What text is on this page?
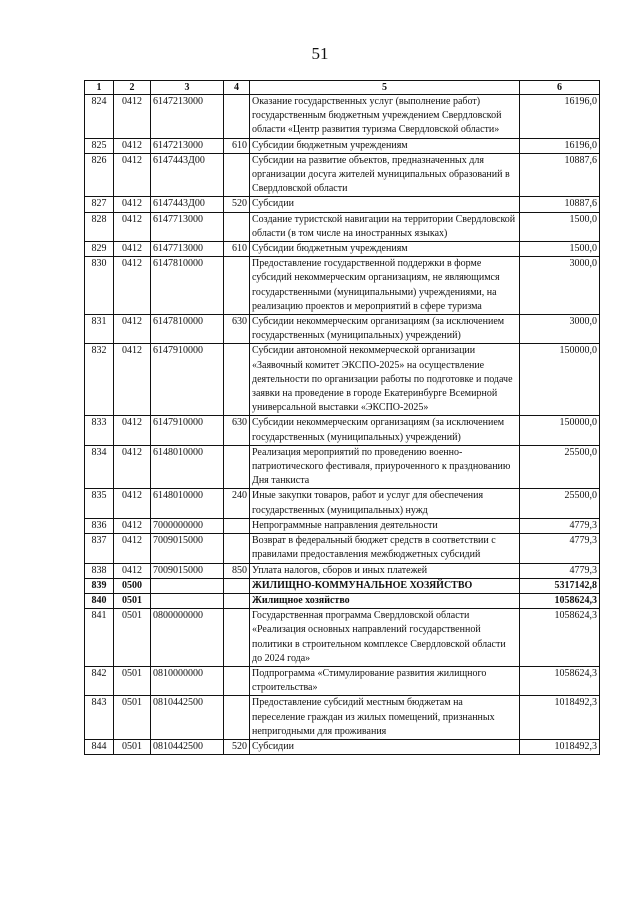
51
1	2	3	4	5	6
824	0412	6147213000		Оказание государственных услуг (выполнение работ) государственным бюджетным учреждением Свердловской области «Центр развития туризма Свердловской области»	16196,0
825	0412	6147213000	610	Субсидии бюджетным учреждениям	16196,0
826	0412	6147443Д00		Субсидии на развитие объектов, предназначенных для организации досуга жителей муниципальных образований в Свердловской области	10887,6
827	0412	6147443Д00	520	Субсидии	10887,6
828	0412	6147713000		Создание туристской навигации на территории Свердловской области (в том числе на иностранных языках)	1500,0
829	0412	6147713000	610	Субсидии бюджетным учреждениям	1500,0
830	0412	6147810000		Предоставление государственной поддержки в форме субсидий некоммерческим организациям, не являющимся государственными (муниципальными) учреждениями, на реализацию проектов и мероприятий в сфере туризма	3000,0
831	0412	6147810000	630	Субсидии некоммерческим организациям (за исключением государственных (муниципальных) учреждений)	3000,0
832	0412	6147910000		Субсидии автономной некоммерческой организации «Заявочный комитет ЭКСПО-2025» на осуществление деятельности по организации работы по подготовке и подаче заявки на проведение в городе Екатеринбурге Всемирной универсальной выставки «ЭКСПО-2025»	150000,0
833	0412	6147910000	630	Субсидии некоммерческим организациям (за исключением государственных (муниципальных) учреждений)	150000,0
834	0412	6148010000		Реализация мероприятий по проведению военно-патриотического фестиваля, приуроченного к празднованию Дня танкиста	25500,0
835	0412	6148010000	240	Иные закупки товаров, работ и услуг для обеспечения государственных (муниципальных) нужд	25500,0
836	0412	7000000000		Непрограммные направления деятельности	4779,3
837	0412	7009015000		Возврат в федеральный бюджет средств в соответствии с правилами предоставления межбюджетных субсидий	4779,3
838	0412	7009015000	850	Уплата налогов, сборов и иных платежей	4779,3
839	0500			ЖИЛИЩНО-КОММУНАЛЬНОЕ ХОЗЯЙСТВО	5317142,8
840	0501			Жилищное хозяйство	1058624,3
841	0501	0800000000		Государственная программа Свердловской области «Реализация основных направлений государственной политики в строительном комплексе Свердловской области до 2024 года»	1058624,3
842	0501	0810000000		Подпрограмма «Стимулирование развития жилищного строительства»	1058624,3
843	0501	0810442500		Предоставление субсидий местным бюджетам на переселение граждан из жилых помещений, признанных непригодными для проживания	1018492,3
844	0501	0810442500	520	Субсидии	1018492,3
